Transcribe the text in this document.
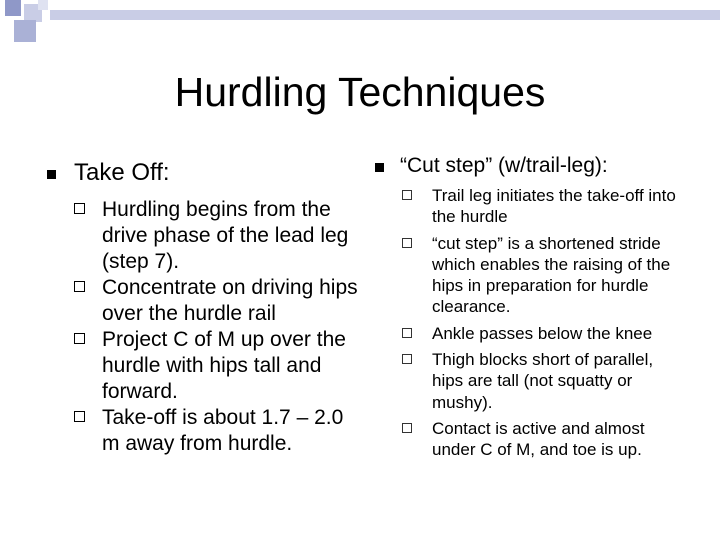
Hurdling Techniques
Take Off:
Hurdling begins from the drive phase of the lead leg (step 7).
Concentrate on driving hips over the hurdle rail
Project C of M up over the hurdle with hips tall and forward.
Take-off is about 1.7 – 2.0 m away from hurdle.
“Cut step” (w/trail-leg):
Trail leg initiates the take-off into the hurdle
“cut step” is a shortened stride which enables the raising of the hips in preparation for hurdle clearance.
Ankle passes below the knee
Thigh blocks short of parallel, hips are tall (not squatty or mushy).
Contact is active and almost under C of M, and toe is up.
